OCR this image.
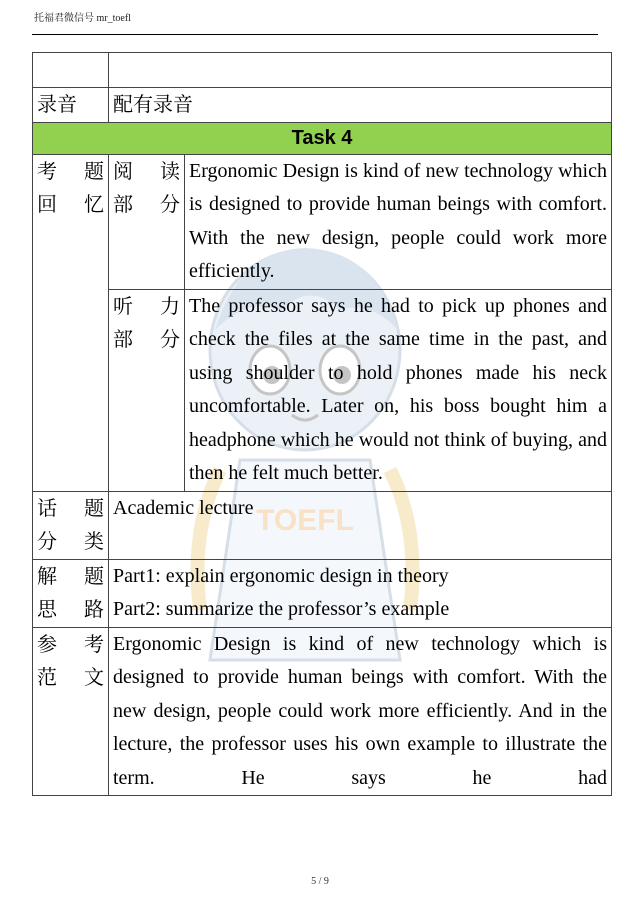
托福君微信号 mr_toefl
TOEFL

录音	配有录音	
Task 4		
考 题 回忆	阅 读 部分	Ergonomic Design is kind of new technology which is designed to provide human beings with comfort. With the new design, people could work more efficiently.
	听 力 部分	The professor says he had to pick up phones and check the files at the same time in the past, and using shoulder to hold phones made his neck uncomfortable. Later on, his boss bought him a headphone which he would not think of buying, and then he felt much better.
话 题 分类	Academic lecture	
解 题 思路	Part1: explain ergonomic design in theory
Part2: summarize the professor’s example	

参 考 范文	Ergonomic Design is kind of new technology which is designed to provide human beings with comfort. With the new design, people could work more efficiently. And in the lecture, the professor uses his own example to illustrate the term. He says he had	
5 / 9
